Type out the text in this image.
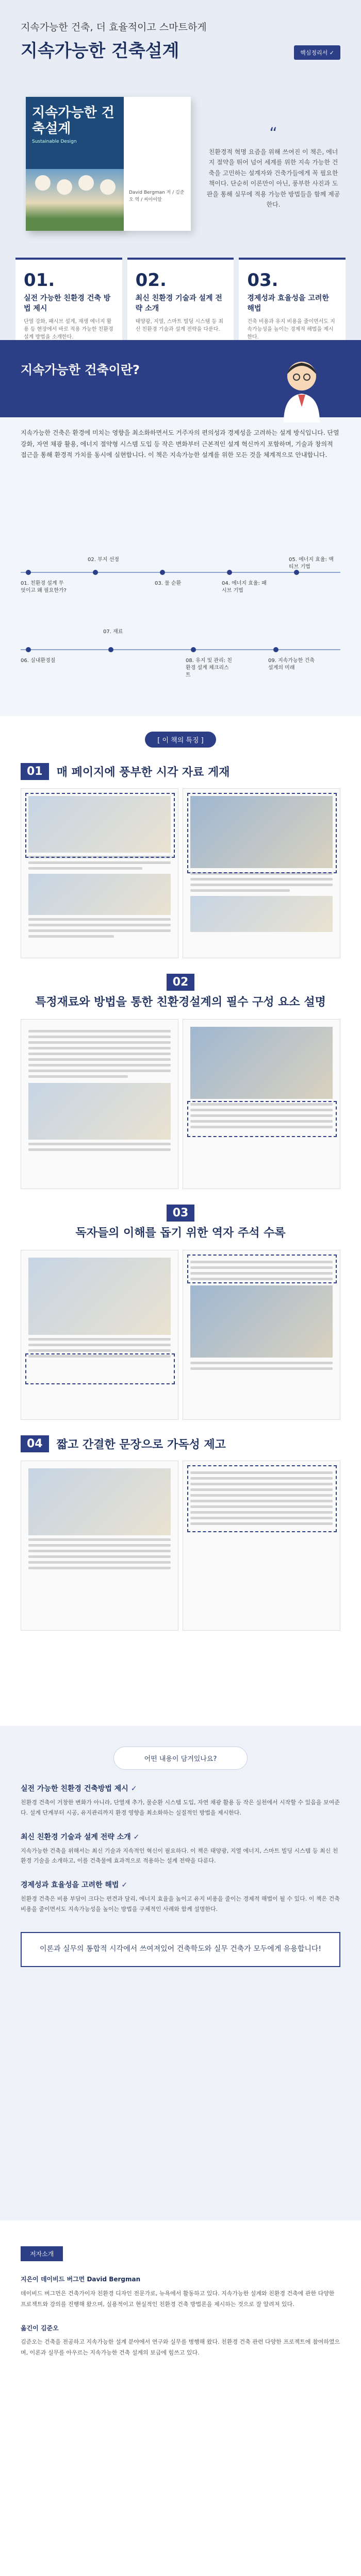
지속가능한 건축, 더 효율적이고 스마트하게
지속가능한 건축설계	핵심정리서 ✓
지속가능한 건축설계
Sustainable Design
David Bergman 저 / 김준오 역 / 씨아이알
“
친환경적 혁명 요즘을 위해 쓰여진 이 책은, 에너지 절약을 뛰어 넘어 세계를 위한 지속 가능한 건축을 고민하는 설계자와 건축가들에게 꼭 필요한 책이다. 단순히 이론만이 아닌, 풍부한 사진과 도판을 통해 실무에 적용 가능한 방법들을 함께 제공한다.
01.
실전 가능한 친환경 건축 방법 제시
단열 강화, 패시브 설계, 재생 에너지 활용 등 현장에서 바로 적용 가능한 친환경 설계 방법을 소개한다.
02.
최신 친환경 기술과 설계 전략 소개
태양광, 지열, 스마트 빌딩 시스템 등 최신 친환경 기술과 설계 전략을 다룬다.
03.
경제성과 효율성을 고려한 해법
건축 비용과 유지 비용을 줄이면서도 지속가능성을 높이는 경제적 해법을 제시한다.
지속가능한 건축이란?
지속가능한 건축은 환경에 미치는 영향을 최소화하면서도 거주자의 편의성과 경제성을 고려하는 설계 방식입니다. 단열 강화, 자연 채광 활용, 에너지 절약형 시스템 도입 등 작은 변화부터 근본적인 설계 혁신까지 포함하며, 기술과 창의적 접근을 통해 환경적 가치를 동시에 실현합니다. 이 책은 지속가능한 설계를 위한 모든 것을 체계적으로 안내합니다.
01. 친환경 설계 무엇이고 왜 필요한가?
02. 부지 선정
03. 물 순환	04. 에너지 효율: 패시브 기법
05. 에너지 효율: 액티브 기법
06. 실내환경질
07. 재료
08. 유지 및 관리: 친환경 설계 체크리스트
09. 지속가능한 건축설계의 미래
[ 이 책의 특징 ]
01 매 페이지에 풍부한 시각 자료 게재
02
특정재료와 방법을 통한 친환경설계의 필수 구성 요소 설명
03
독자들의 이해를 돕기 위한 역자 주석 수록
04 짧고 간결한 문장으로 가독성 제고
어떤 내용이 담겨있나요?
실전 가능한 친환경 건축방법 제시 ✓
친환경 건축이 거창한 변화가 아니라, 단열재 추가, 물순환 시스템 도입, 자연 채광 활용 등 작은 실천에서 시작할 수 있음을 보여준다. 설계 단계부터 시공, 유지관리까지 환경 영향을 최소화하는 실질적인 방법을 제시한다.
최신 친환경 기술과 설계 전략 소개 ✓
지속가능한 건축을 위해서는 최신 기술과 지속적인 혁신이 필요하다. 이 책은 태양광, 지열 에너지, 스마트 빌딩 시스템 등 최신 친환경 기술을 소개하고, 이를 건축물에 효과적으로 적용하는 설계 전략을 다룬다.
경제성과 효율성을 고려한 해법 ✓
친환경 건축은 비용 부담이 크다는 편견과 달리, 에너지 효율을 높이고 유지 비용을 줄이는 경제적 해법이 될 수 있다. 이 책은 건축 비용을 줄이면서도 지속가능성을 높이는 방법을 구체적인 사례와 함께 설명한다.
이론과 실무의 통합적 시각에서 쓰여져있어 건축학도와 실무 건축가 모두에게 유용합니다!
저자소개
지은이 데이비드 버그먼 David Bergman
데이비드 버그먼은 건축가이자 친환경 디자인 전문가로, 뉴욕에서 활동하고 있다. 지속가능한 설계와 친환경 건축에 관한 다양한 프로젝트와 강의를 진행해 왔으며, 실용적이고 현실적인 친환경 건축 방법론을 제시하는 것으로 잘 알려져 있다.
옮긴이 김준오
김준오는 건축을 전공하고 지속가능한 설계 분야에서 연구와 실무를 병행해 왔다. 친환경 건축 관련 다양한 프로젝트에 참여하였으며, 이론과 실무를 아우르는 지속가능한 건축 설계의 보급에 힘쓰고 있다.
